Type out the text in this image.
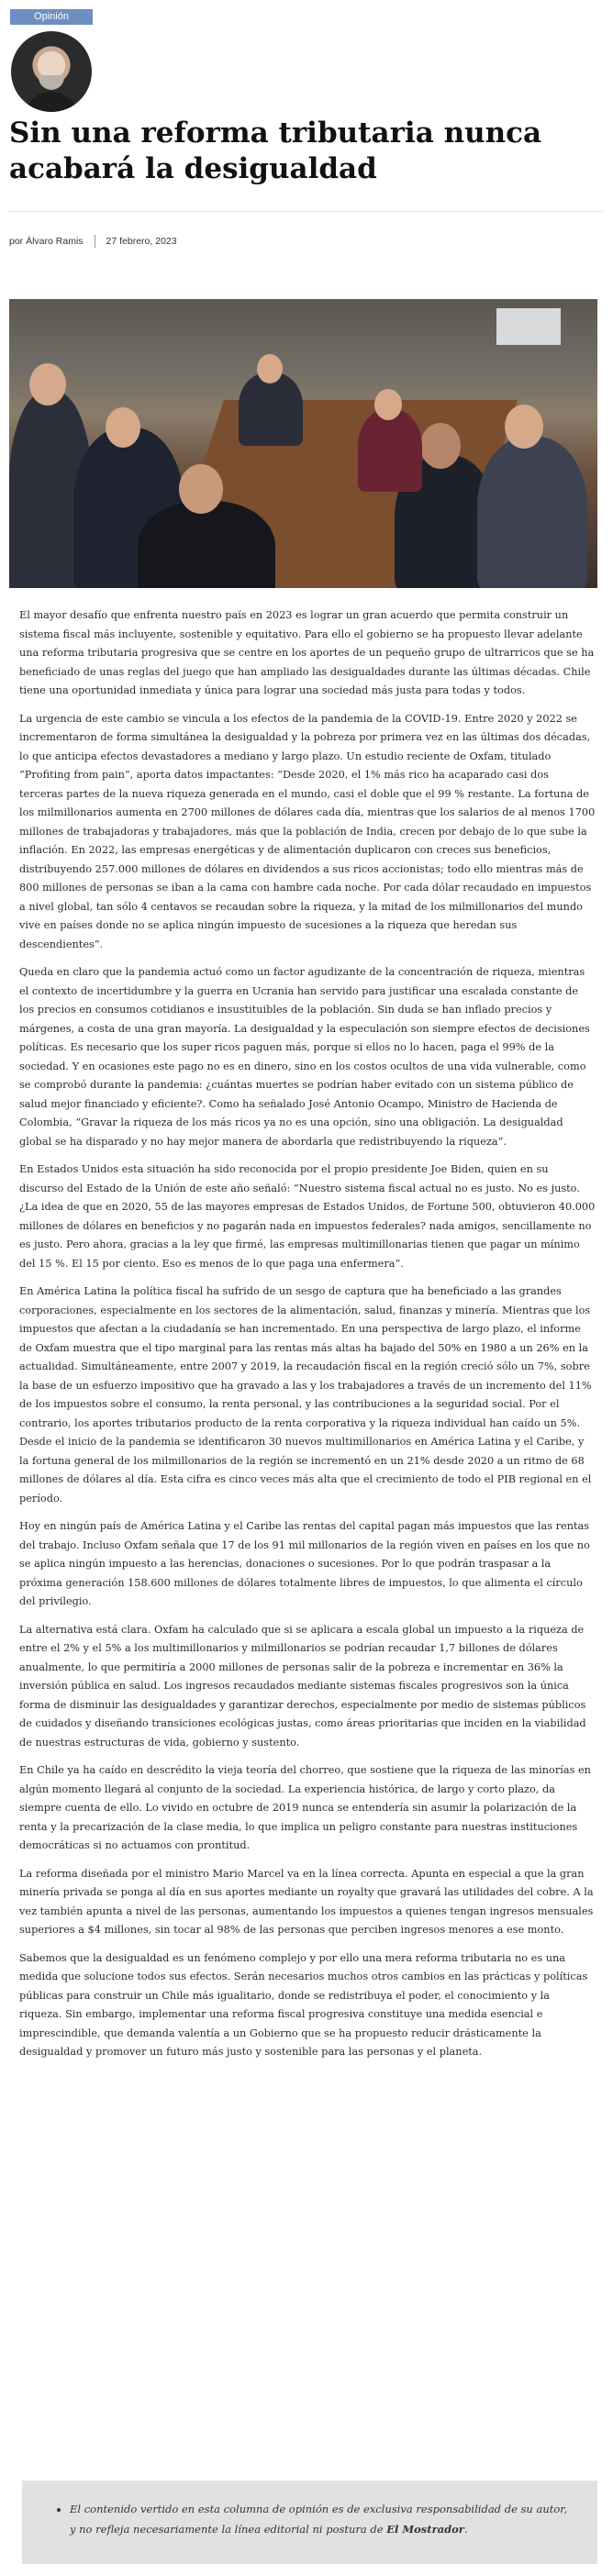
Opinión
Sin una reforma tributaria nunca acabará la desigualdad
por Álvaro Ramis 27 febrero, 2023

El mayor desafío que enfrenta nuestro país en 2023 es lograr un gran acuerdo que permita construir un sistema fiscal más incluyente, sostenible y equitativo. Para ello el gobierno se ha propuesto llevar adelante una reforma tributaria progresiva que se centre en los aportes de un pequeño grupo de ultrarricos que se ha beneficiado de unas reglas del juego que han ampliado las desigualdades durante las últimas décadas. Chile tiene una oportunidad inmediata y única para lograr una sociedad más justa para todas y todos.

La urgencia de este cambio se vincula a los efectos de la pandemia de la COVID-19. Entre 2020 y 2022 se incrementaron de forma simultánea la desigualdad y la pobreza por primera vez en las últimas dos décadas, lo que anticipa efectos devastadores a mediano y largo plazo. Un estudio reciente de Oxfam, titulado “Profiting from pain”, aporta datos impactantes: “Desde 2020, el 1% más rico ha acaparado casi dos terceras partes de la nueva riqueza generada en el mundo, casi el doble que el 99 % restante. La fortuna de los milmillonarios aumenta en 2700 millones de dólares cada día, mientras que los salarios de al menos 1700 millones de trabajadoras y trabajadores, más que la población de India, crecen por debajo de lo que sube la inflación. En 2022, las empresas energéticas y de alimentación duplicaron con creces sus beneficios, distribuyendo 257.000 millones de dólares en dividendos a sus ricos accionistas; todo ello mientras más de 800 millones de personas se iban a la cama con hambre cada noche. Por cada dólar recaudado en impuestos a nivel global, tan sólo 4 centavos se recaudan sobre la riqueza, y la mitad de los milmillonarios del mundo vive en países donde no se aplica ningún impuesto de sucesiones a la riqueza que heredan sus descendientes”.

Queda en claro que la pandemia actuó como un factor agudizante de la concentración de riqueza, mientras el contexto de incertidumbre y la guerra en Ucrania han servido para justificar una escalada constante de los precios en consumos cotidianos e insustituibles de la población. Sin duda se han inflado precios y márgenes, a costa de una gran mayoría. La desigualdad y la especulación son siempre efectos de decisiones políticas. Es necesario que los super ricos paguen más, porque si ellos no lo hacen, paga el 99% de la sociedad. Y en ocasiones este pago no es en dinero, sino en los costos ocultos de una vida vulnerable, como se comprobó durante la pandemia: ¿cuántas muertes se podrían haber evitado con un sistema público de salud mejor financiado y eficiente?. Como ha señalado José Antonio Ocampo, Ministro de Hacienda de Colombia, “Gravar la riqueza de los más ricos ya no es una opción, sino una obligación. La desigualdad global se ha disparado y no hay mejor manera de abordarla que redistribuyendo la riqueza”.

En Estados Unidos esta situación ha sido reconocida por el propio presidente Joe Biden, quien en su discurso del Estado de la Unión de este año señaló: “Nuestro sistema fiscal actual no es justo. No es justo. ¿La idea de que en 2020, 55 de las mayores empresas de Estados Unidos, de Fortune 500, obtuvieron 40.000 millones de dólares en beneficios y no pagarán nada en impuestos federales? nada amigos, sencillamente no es justo. Pero ahora, gracias a la ley que firmé, las empresas multimillonarias tienen que pagar un mínimo del 15 %. El 15 por ciento. Eso es menos de lo que paga una enfermera”.

En América Latina la política fiscal ha sufrido de un sesgo de captura que ha beneficiado a las grandes corporaciones, especialmente en los sectores de la alimentación, salud, finanzas y minería. Mientras que los impuestos que afectan a la ciudadanía se han incrementado. En una perspectiva de largo plazo, el informe de Oxfam muestra que el tipo marginal para las rentas más altas ha bajado del 50% en 1980 a un 26% en la actualidad. Simultáneamente, entre 2007 y 2019, la recaudación fiscal en la región creció sólo un 7%, sobre la base de un esfuerzo impositivo que ha gravado a las y los trabajadores a través de un incremento del 11% de los impuestos sobre el consumo, la renta personal, y las contribuciones a la seguridad social. Por el contrario, los aportes tributarios producto de la renta corporativa y la riqueza individual han caído un 5%. Desde el inicio de la pandemia se identificaron 30 nuevos multimillonarios en América Latina y el Caribe, y la fortuna general de los milmillonarios de la región se incrementó en un 21% desde 2020 a un ritmo de 68 millones de dólares al día. Esta cifra es cinco veces más alta que el crecimiento de todo el PIB regional en el período.

Hoy en ningún país de América Latina y el Caribe las rentas del capital pagan más impuestos que las rentas del trabajo. Incluso Oxfam señala que 17 de los 91 mil millonarios de la región viven en países en los que no se aplica ningún impuesto a las herencias, donaciones o sucesiones. Por lo que podrán traspasar a la próxima generación 158.600 millones de dólares totalmente libres de impuestos, lo que alimenta el círculo del privilegio.

La alternativa está clara. Oxfam ha calculado que si se aplicara a escala global un impuesto a la riqueza de entre el 2% y el 5% a los multimillonarios y milmillonarios se podrían recaudar 1,7 billones de dólares anualmente, lo que permitiría a 2000 millones de personas salir de la pobreza e incrementar en 36% la inversión pública en salud. Los ingresos recaudados mediante sistemas fiscales progresivos son la única forma de disminuir las desigualdades y garantizar derechos, especialmente por medio de sistemas públicos de cuidados y diseñando transiciones ecológicas justas, como áreas prioritarias que inciden en la viabilidad de nuestras estructuras de vida, gobierno y sustento.

En Chile ya ha caído en descrédito la vieja teoría del chorreo, que sostiene que la riqueza de las minorías en algún momento llegará al conjunto de la sociedad. La experiencia histórica, de largo y corto plazo, da siempre cuenta de ello. Lo vivido en octubre de 2019 nunca se entendería sin asumir la polarización de la renta y la precarización de la clase media, lo que implica un peligro constante para nuestras instituciones democráticas si no actuamos con prontitud.

La reforma diseñada por el ministro Mario Marcel va en la línea correcta. Apunta en especial a que la gran minería privada se ponga al día en sus aportes mediante un royalty que gravará las utilidades del cobre. A la vez también apunta a nivel de las personas, aumentando los impuestos a quienes tengan ingresos mensuales superiores a $4 millones, sin tocar al 98% de las personas que perciben ingresos menores a ese monto.

Sabemos que la desigualdad es un fenómeno complejo y por ello una mera reforma tributaria no es una medida que solucione todos sus efectos. Serán necesarios muchos otros cambios en las prácticas y políticas públicas para construir un Chile más igualitario, donde se redistribuya el poder, el conocimiento y la riqueza. Sin embargo, implementar una reforma fiscal progresiva constituye una medida esencial e imprescindible, que demanda valentía a un Gobierno que se ha propuesto reducir drásticamente la desigualdad y promover un futuro más justo y sostenible para las personas y el planeta.

• El contenido vertido en esta columna de opinión es de exclusiva responsabilidad de su autor,
y no refleja necesariamente la línea editorial ni postura de El Mostrador.
